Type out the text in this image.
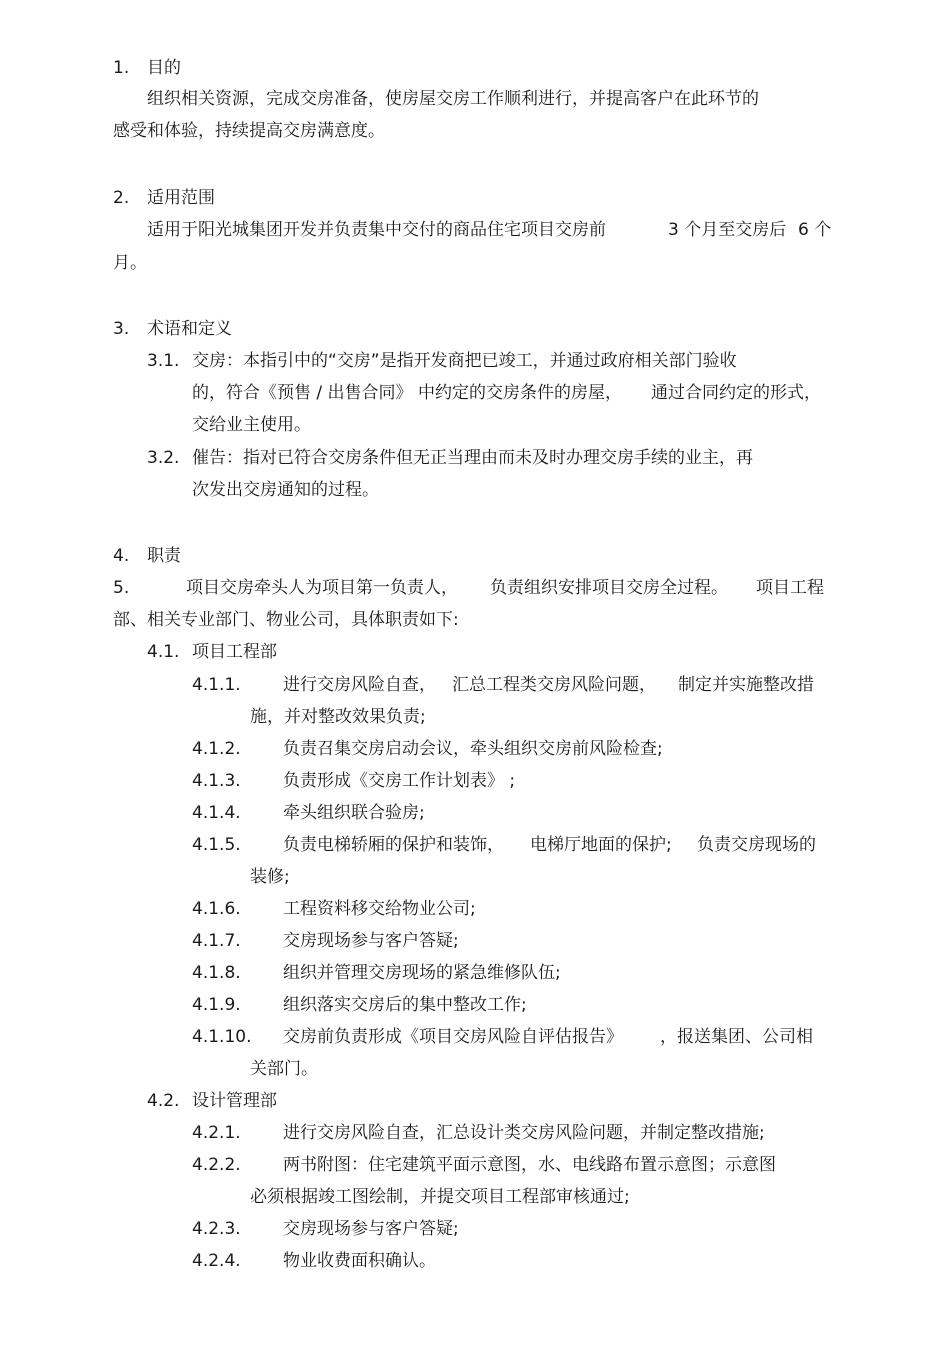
1. 目的
组织相关资源，完成交房准备，使房屋交房工作顺利进行，并提高客户在此环节的
感受和体验，持续提高交房满意度。
2. 适用范围
适用于阳光城集团开发并负责集中交付的商品住宅项目交房前	3 个月至交房后 6 个
月。
3. 术语和定义
3.1. 交房：本指引中的“交房”是指开发商把已竣工，并通过政府相关部门验收
的，符合《预售 / 出售合同》 中约定的交房条件的房屋， 通过合同约定的形式，
交给业主使用。
3.2. 催告：指对已符合交房条件但无正当理由而未及时办理交房手续的业主，再
次发出交房通知的过程。
4. 职责
5.	项目交房牵头人为项目第一负责人， 负责组织安排项目交房全过程。 项目工程
部、相关专业部门、物业公司，具体职责如下:
4.1. 项目工程部
4.1.1. 进行交房风险自查， 汇总工程类交房风险问题， 制定并实施整改措
施，并对整改效果负责;
4.1.2. 负责召集交房启动会议，牵头组织交房前风险检查;
4.1.3. 负责形成《交房工作计划表》 ;
4.1.4. 牵头组织联合验房;
4.1.5. 负责电梯轿厢的保护和装饰， 电梯厅地面的保护; 负责交房现场的
装修;
4.1.6. 工程资料移交给物业公司;
4.1.7. 交房现场参与客户答疑;
4.1.8. 组织并管理交房现场的紧急维修队伍;
4.1.9. 组织落实交房后的集中整改工作;
4.1.10. 交房前负责形成《项目交房风险自评估报告》 ，报送集团、公司相
关部门。
4.2. 设计管理部
4.2.1. 进行交房风险自查，汇总设计类交房风险问题，并制定整改措施;
4.2.2. 两书附图：住宅建筑平面示意图，水、电线路布置示意图；示意图
必须根据竣工图绘制，并提交项目工程部审核通过;
4.2.3. 交房现场参与客户答疑;
4.2.4. 物业收费面积确认。
